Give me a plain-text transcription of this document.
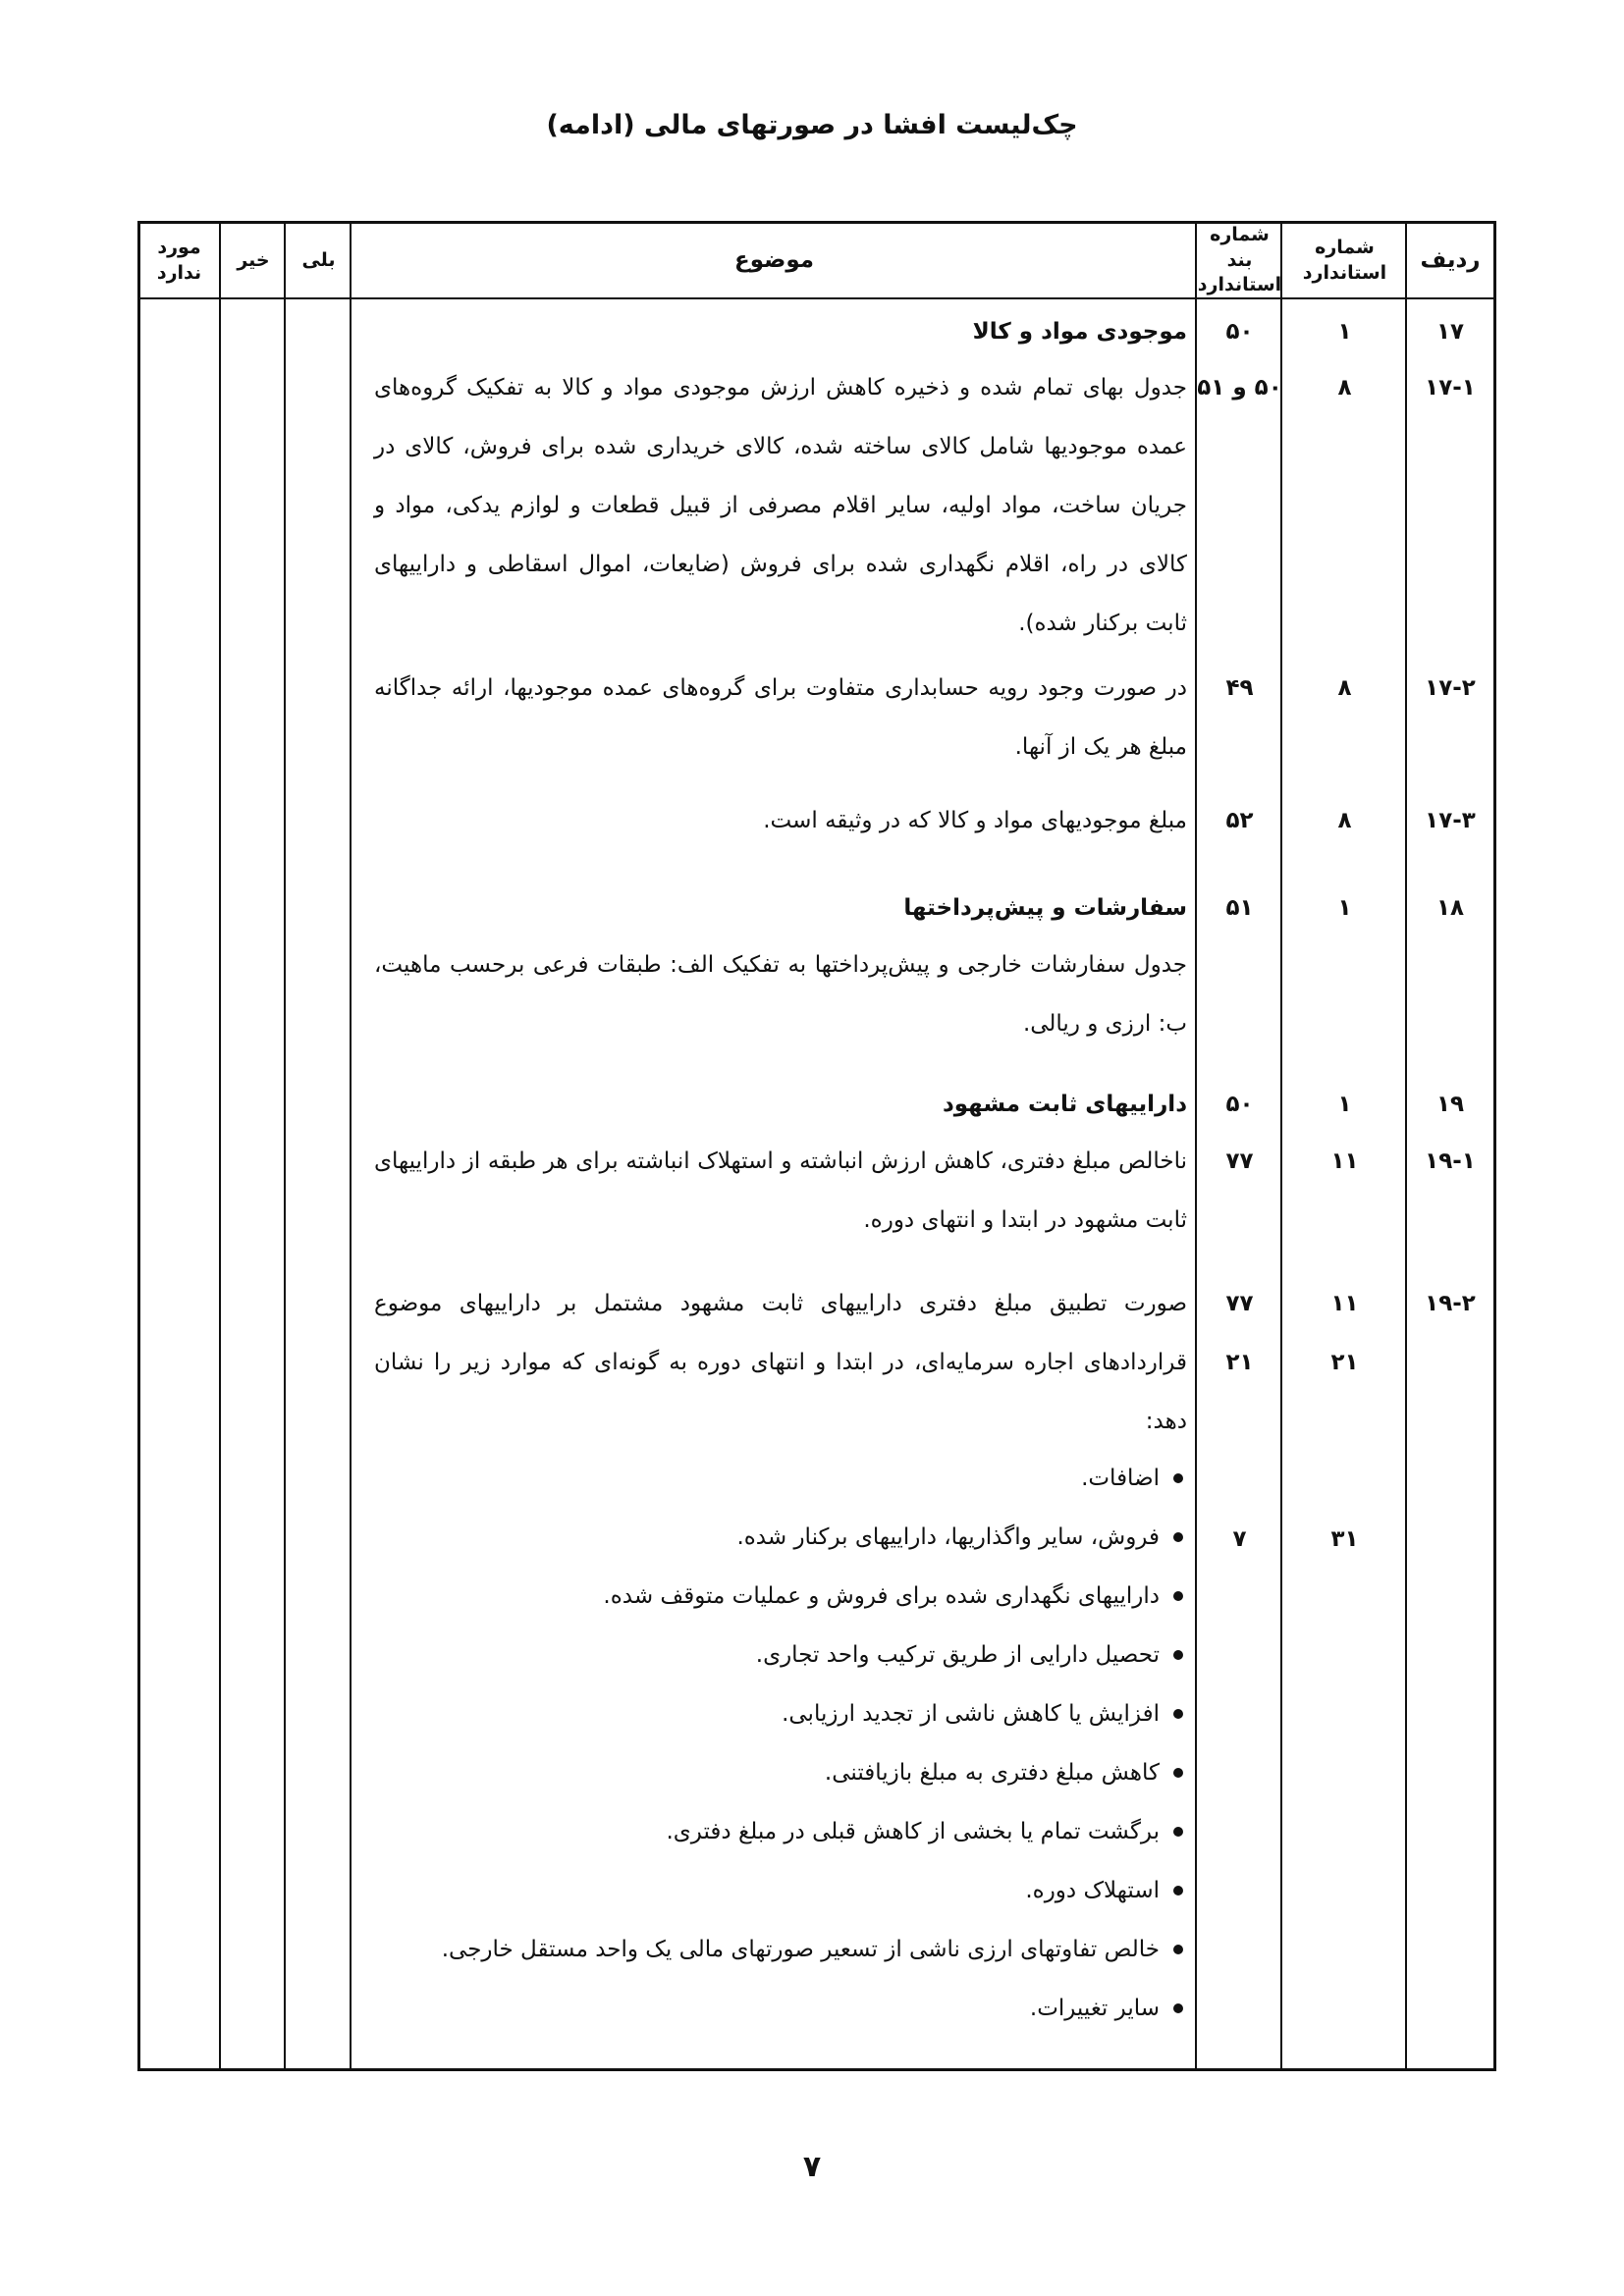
چک‌لیست افشا در صورتهای مالی (ادامه)
ردیف
شماره استاندارد
شماره بند استاندارد
موضوع
بلی
خیر
مورد ندارد
۱۷
۱
۵۰
موجودی مواد و کالا
۱۷-۱
۸
۵۰ و ۵۱
جدول بهای تمام شده و ذخیره کاهش ارزش موجودی مواد و کالا به تفکیک گروه‌های عمده موجودیها شامل کالای ساخته شده، کالای خریداری شده برای فروش، کالای در جریان ساخت، مواد اولیه، سایر اقلام مصرفی از قبیل قطعات و لوازم یدکی، مواد و کالای در راه، اقلام نگهداری شده برای فروش (ضایعات، اموال اسقاطی و داراییهای ثابت برکنار شده).
۱۷-۲
۸
۴۹
در صورت وجود رویه حسابداری متفاوت برای گروه‌های عمده موجودیها، ارائه جداگانه مبلغ هر یک از آنها.
۱۷-۳
۸
۵۲
مبلغ موجودیهای مواد و کالا که در وثیقه است.
۱۸
۱
۵۱
سفارشات و پیش‌پرداختها
جدول سفارشات خارجی و پیش‌پرداختها به تفکیک الف: طبقات فرعی برحسب ماهیت، ب: ارزی و ریالی.
۱۹
۱
۵۰
داراییهای ثابت مشهود
۱۹-۱
۱۱
۷۷
ناخالص مبلغ دفتری، کاهش ارزش انباشته و استهلاک انباشته برای هر طبقه از داراییهای ثابت مشهود در ابتدا و انتهای دوره.
۱۹-۲
۱۱
۷۷
صورت تطبیق مبلغ دفتری داراییهای ثابت مشهود مشتمل بر داراییهای موضوع قراردادهای اجاره سرمایه‌ای، در ابتدا و انتهای دوره به گونه‌ای که موارد زیر را نشان دهد:
۲۱
۲۱
۳۱
۷
اضافات.
فروش، سایر واگذاریها، داراییهای برکنار شده.
داراییهای نگهداری شده برای فروش و عملیات متوقف شده.
تحصیل دارایی از طریق ترکیب واحد تجاری.
افزایش یا کاهش ناشی از تجدید ارزیابی.
کاهش مبلغ دفتری به مبلغ بازیافتنی.
برگشت تمام یا بخشی از کاهش قبلی در مبلغ دفتری.
استهلاک دوره.
خالص تفاوتهای ارزی ناشی از تسعیر صورتهای مالی یک واحد مستقل خارجی.
سایر تغییرات.
۷
